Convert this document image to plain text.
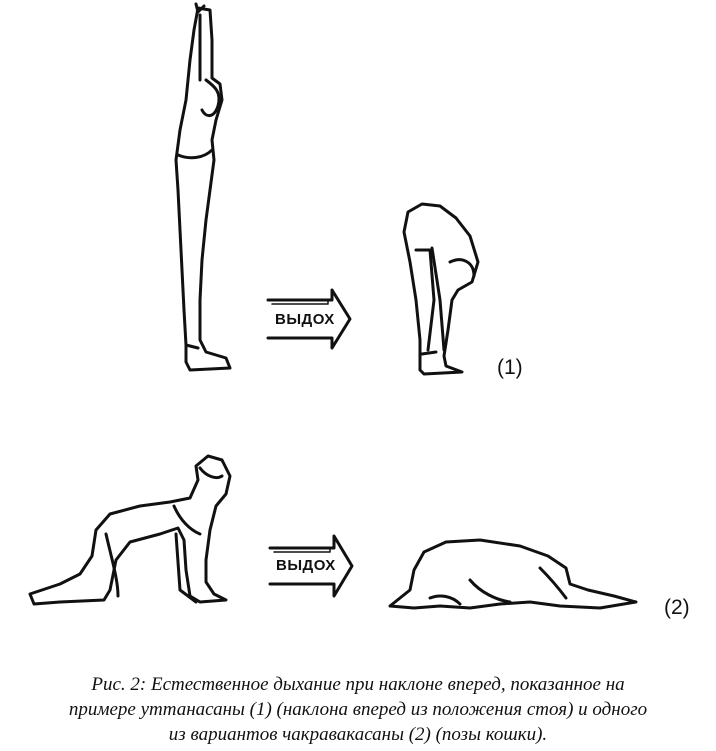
ВЫДОХ
ВЫДОХ
(1)
(2)
Рис. 2: Естественное дыхание при наклоне вперед, показанное на
примере уттанасаны (1) (наклона вперед из положения стоя) и одного
из вариантов чакравакасаны (2) (позы кошки).
